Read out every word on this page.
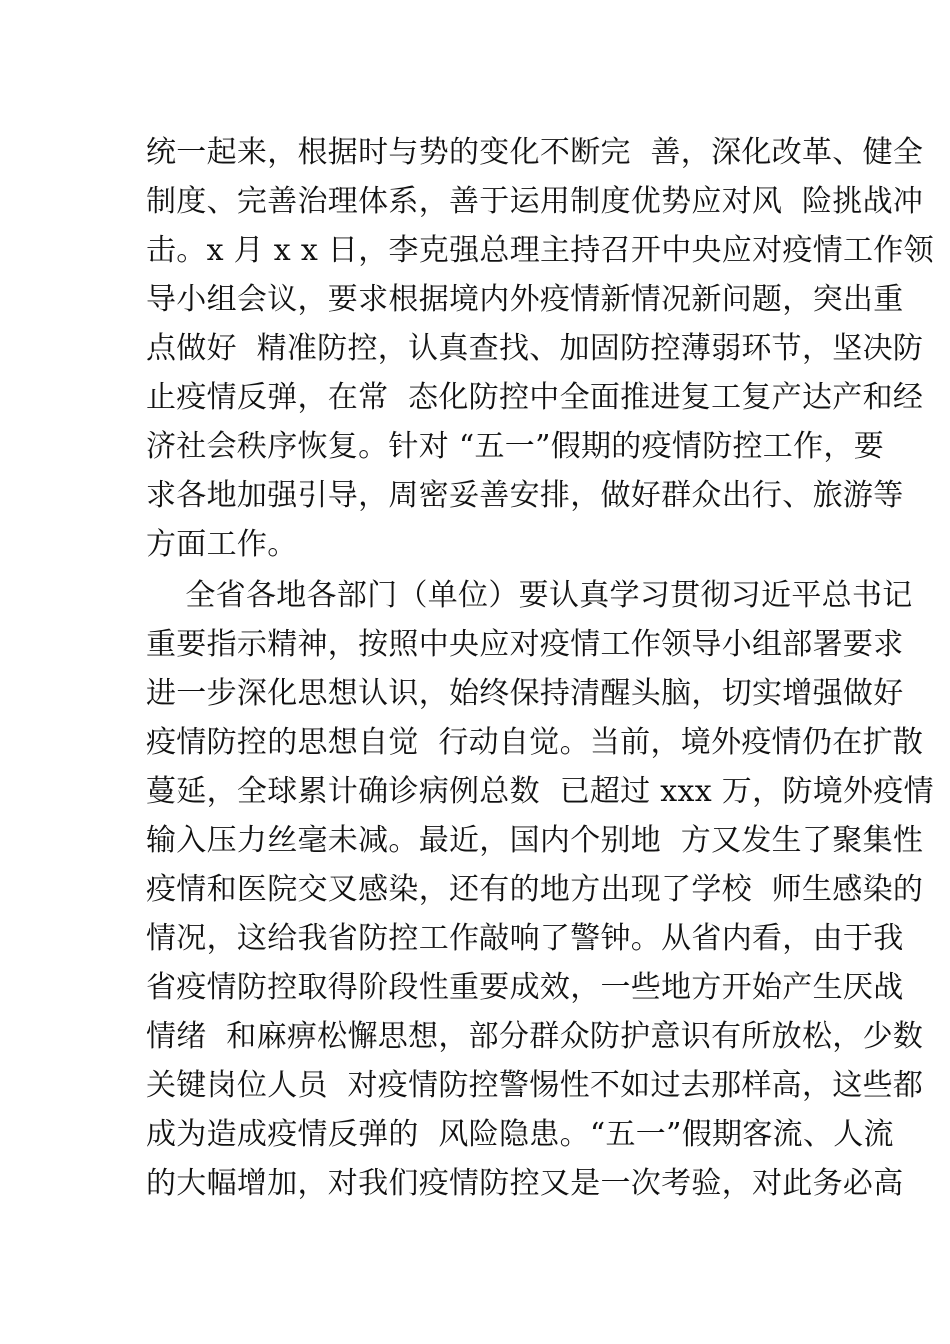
统一起来，根据时与势的变化不断完  善，深化改革、健全
制度、完善治理体系，善于运用制度优势应对风  险挑战冲
击。x 月 x x 日，李克强总理主持召开中央应对疫情工作领
导小组会议，要求根据境内外疫情新情况新问题，突出重
点做好  精准防控，认真查找、加固防控薄弱环节，坚决防
止疫情反弹，在常  态化防控中全面推进复工复产达产和经
济社会秩序恢复。针对 “五一”假期的疫情防控工作，要
求各地加强引导，周密妥善安排，做好群众出行、旅游等
方面工作。
全省各地各部门（单位）要认真学习贯彻习近平总书记
重要指示精神，按照中央应对疫情工作领导小组部署要求
进一步深化思想认识，始终保持清醒头脑，切实增强做好
疫情防控的思想自觉  行动自觉。当前，境外疫情仍在扩散
蔓延，全球累计确诊病例总数  已超过 xxx 万，防境外疫情
输入压力丝毫未减。最近，国内个别地  方又发生了聚集性
疫情和医院交叉感染，还有的地方出现了学校  师生感染的
情况，这给我省防控工作敲响了警钟。从省内看，由于我
省疫情防控取得阶段性重要成效，一些地方开始产生厌战
情绪  和麻痹松懈思想，部分群众防护意识有所放松，少数
关键岗位人员  对疫情防控警惕性不如过去那样高，这些都
成为造成疫情反弹的  风险隐患。“五一”假期客流、人流
的大幅增加，对我们疫情防控又是一次考验，对此务必高
